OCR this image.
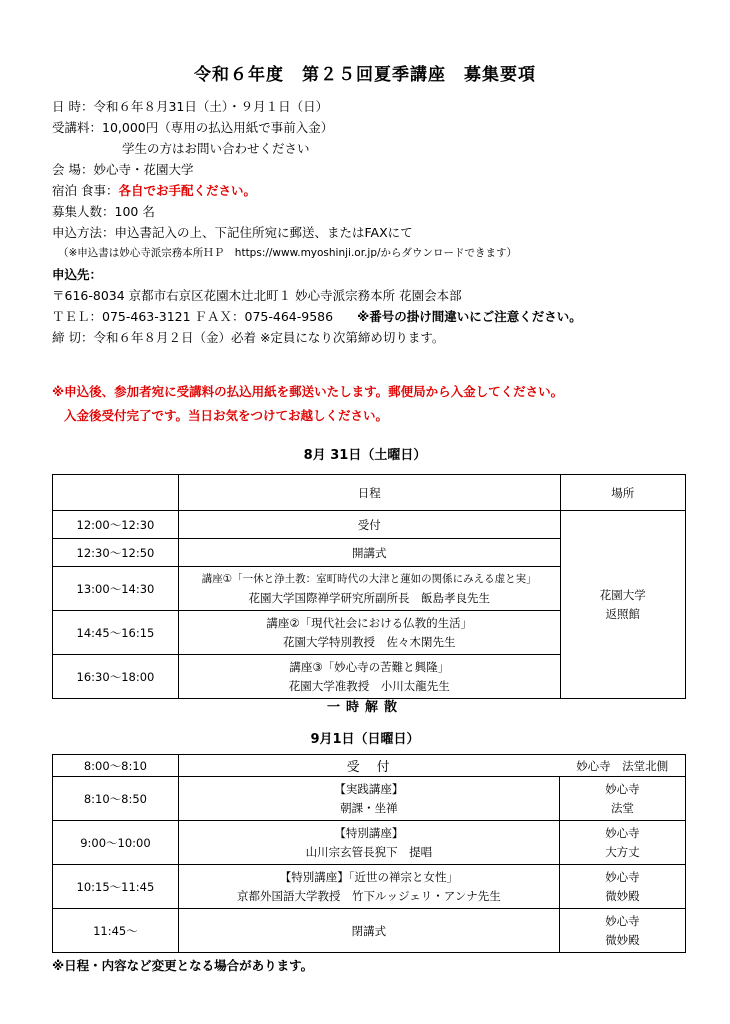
令和６年度　第２５回夏季講座　募集要項
日 時：令和６年８月31日（土）・９月１日（日）
受講料：10,000円（専用の払込用紙で事前入金）
学生の方はお問い合わせください
会 場：妙心寺・花園大学
宿泊 食事：各自でお手配ください。
募集人数：100 名
申込方法：申込書記入の上、下記住所宛に郵送、またはFAXにて
（※申込書は妙心寺派宗務本所ＨＰ　https://www.myoshinji.or.jp/からダウンロードできます）
申込先：
〒616-8034 京都市右京区花園木辻北町１ 妙心寺派宗務本所 花園会本部
ＴＥＬ：075-463-3121 ＦＡＸ：075-464-9586 ※番号の掛け間違いにご注意ください。
締 切：令和６年８月２日（金）必着 ※定員になり次第締め切ります。
※申込後、参加者宛に受講料の払込用紙を郵送いたします。郵便局から入金してください。
入金後受付完了です。当日お気をつけてお越しください。
8月 31日（土曜日）
	日程	場所
12:00〜12:30	受付	花園大学
返照館

12:30〜12:50	開講式	
13:00〜14:30	講座①「一休と浄土教：室町時代の大津と蓮如の関係にみえる虚と実」
花園大学国際禅学研究所副所長　飯島孝良先生	

14:45〜16:15	講座②「現代社会における仏教的生活」
花園大学特別教授　佐々木閑先生	

16:30〜18:00	講座③「妙心寺の苦難と興隆」
花園大学准教授　小川太龍先生	
一時解散
9月1日（日曜日）
8:00〜8:10	受　付	妙心寺　法堂北側
8:10〜8:50	【実践講座】
朝課・坐禅	妙心寺
法堂

9:00〜10:00	【特別講座】
山川宗玄管長猊下　提唱	妙心寺
大方丈

10:15〜11:45	【特別講座】「近世の禅宗と女性」
京都外国語大学教授　竹下ルッジェリ・アンナ先生	妙心寺
微妙殿

11:45〜	閉講式	妙心寺
微妙殿
※日程・内容など変更となる場合があります。
